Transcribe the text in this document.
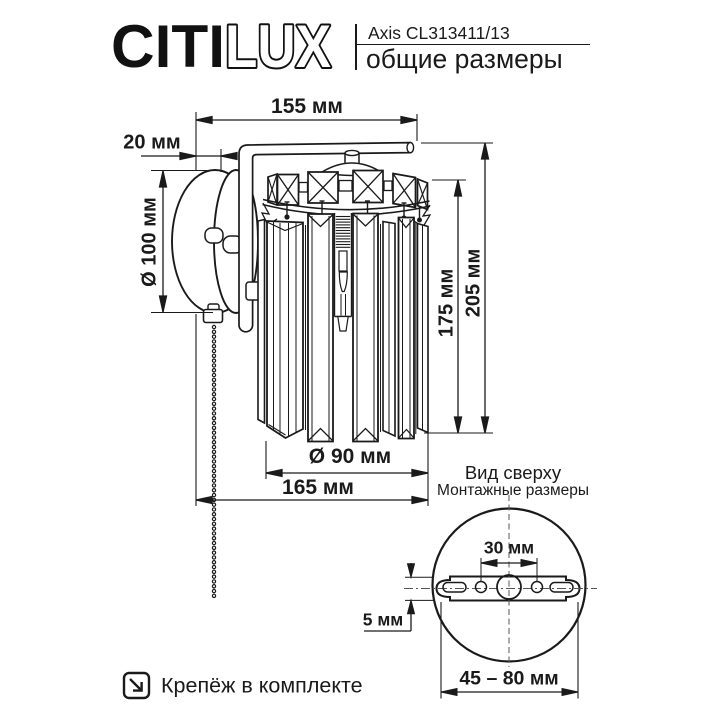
CITI LUX Axis CL313411/13
общие размеры
155 мм
20 мм
Ø 100 мм
175 мм 205 мм
Ø 90 мм
165 мм
Вид сверху
Монтажные размеры
30 мм
5 мм
45 – 80 мм
Крепёж в комплекте
